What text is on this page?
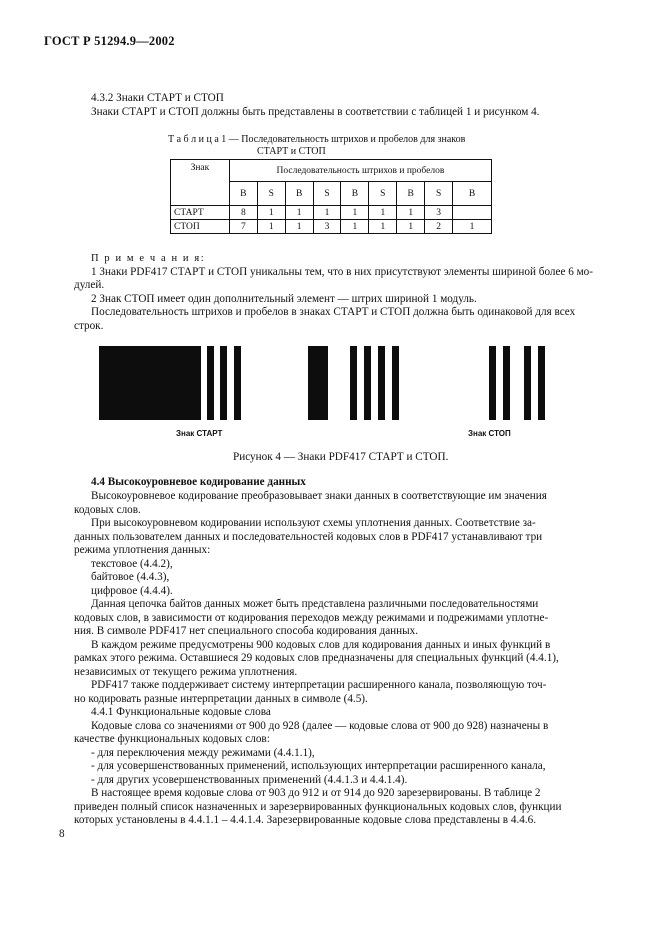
ГОСТ Р 51294.9—2002
4.3.2 Знаки СТАРТ и СТОП
Знаки СТАРТ и СТОП должны быть представлены в соответствии с таблицей 1 и рисунком 4.
Т а б л и ц а 1 — Последовательность штрихов и пробелов для знаков
СТАРТ и СТОП
Знак	Последовательность штрихов и пробелов								
	B	S	B	S	B	S	B	S	B
СТАРТ	8	1	1	1	1	1	1	3	
СТОП	7	1	1	3	1	1	1	2	1
П р и м е ч а н и я:
1 Знаки PDF417 СТАРТ и СТОП уникальны тем, что в них присутствуют элементы шириной более 6 мо-
дулей.
2 Знак СТОП имеет один дополнительный элемент — штрих шириной 1 модуль.
Последовательность штрихов и пробелов в знаках СТАРТ и СТОП должна быть одинаковой для всех
строк.
Знак СТАРТ	Знак СТОП
Рисунок 4 — Знаки PDF417 СТАРТ и СТОП.
4.4 Высокоуровневое кодирование данных
Высокоуровневое кодирование преобразовывает знаки данных в соответствующие им значения
кодовых слов.
При высокоуровневом кодировании используют схемы уплотнения данных. Соответствие за-
данных пользователем данных и последовательностей кодовых слов в PDF417 устанавливают три
режима уплотнения данных:
текстовое (4.4.2),
байтовое (4.4.3),
цифровое (4.4.4).
Данная цепочка байтов данных может быть представлена различными последовательностями
кодовых слов, в зависимости от кодирования переходов между режимами и подрежимами уплотне-
ния. В символе PDF417 нет специального способа кодирования данных.
В каждом режиме предусмотрены 900 кодовых слов для кодирования данных и иных функций в
рамках этого режима. Оставшиеся 29 кодовых слов предназначены для специальных функций (4.4.1),
независимых от текущего режима уплотнения.
PDF417 также поддерживает систему интерпретации расширенного канала, позволяющую точ-
но кодировать разные интерпретации данных в символе (4.5).
4.4.1 Функциональные кодовые слова
Кодовые слова со значениями от 900 до 928 (далее — кодовые слова от 900 до 928) назначены в
качестве функциональных кодовых слов:
- для переключения между режимами (4.4.1.1),
- для усовершенствованных применений, использующих интерпретации расширенного канала,
- для других усовершенствованных применений (4.4.1.3 и 4.4.1.4).
В настоящее время кодовые слова от 903 до 912 и от 914 до 920 зарезервированы. В таблице 2
приведен полный список назначенных и зарезервированных функциональных кодовых слов, функции
которых установлены в 4.4.1.1 – 4.4.1.4. Зарезервированные кодовые слова представлены в 4.4.6.
8
